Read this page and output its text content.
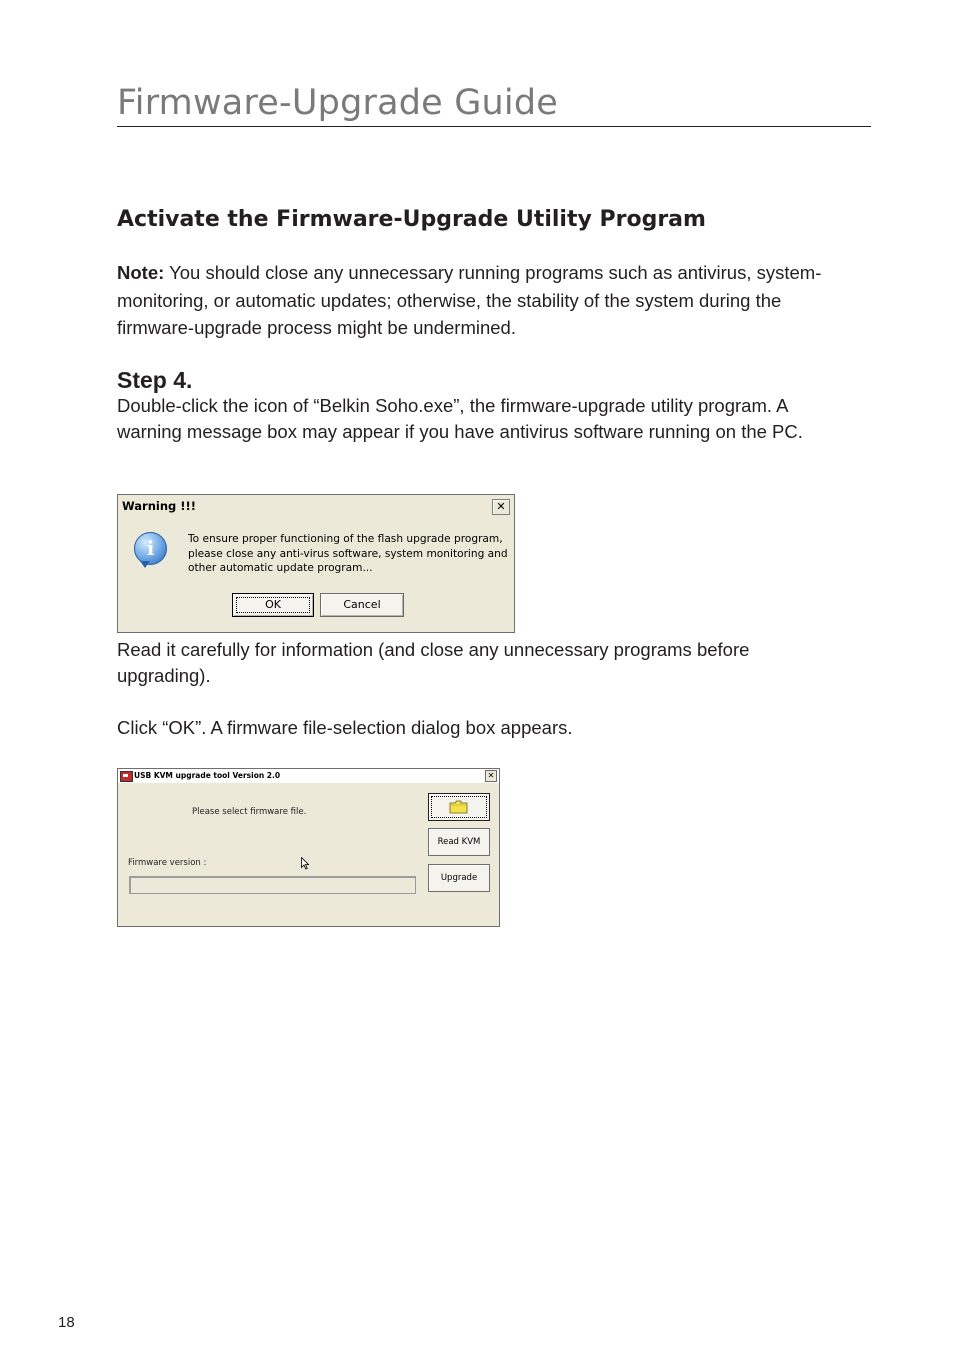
Firmware-Upgrade Guide
Activate the Firmware-Upgrade Utility Program
Note: You should close any unnecessary running programs such as antivirus, system-monitoring, or automatic updates; otherwise, the stability of the system during the firmware-upgrade process might be undermined.
Step 4.
Double-click the icon of “Belkin Soho.exe”, the firmware-upgrade utility program. A warning message box may appear if you have antivirus software running on the PC.
Warning !!!	✕
i	To ensure proper functioning of the flash upgrade program, please close any anti-virus software, system monitoring and other automatic update program...
OK	Cancel
Read it carefully for information (and close any unnecessary programs before upgrading).
Click “OK”. A firmware file-selection dialog box appears.
USB KVM upgrade tool Version 2.0	✕
Please select firmware file.
Firmware version :
Read KVM
Upgrade
18
